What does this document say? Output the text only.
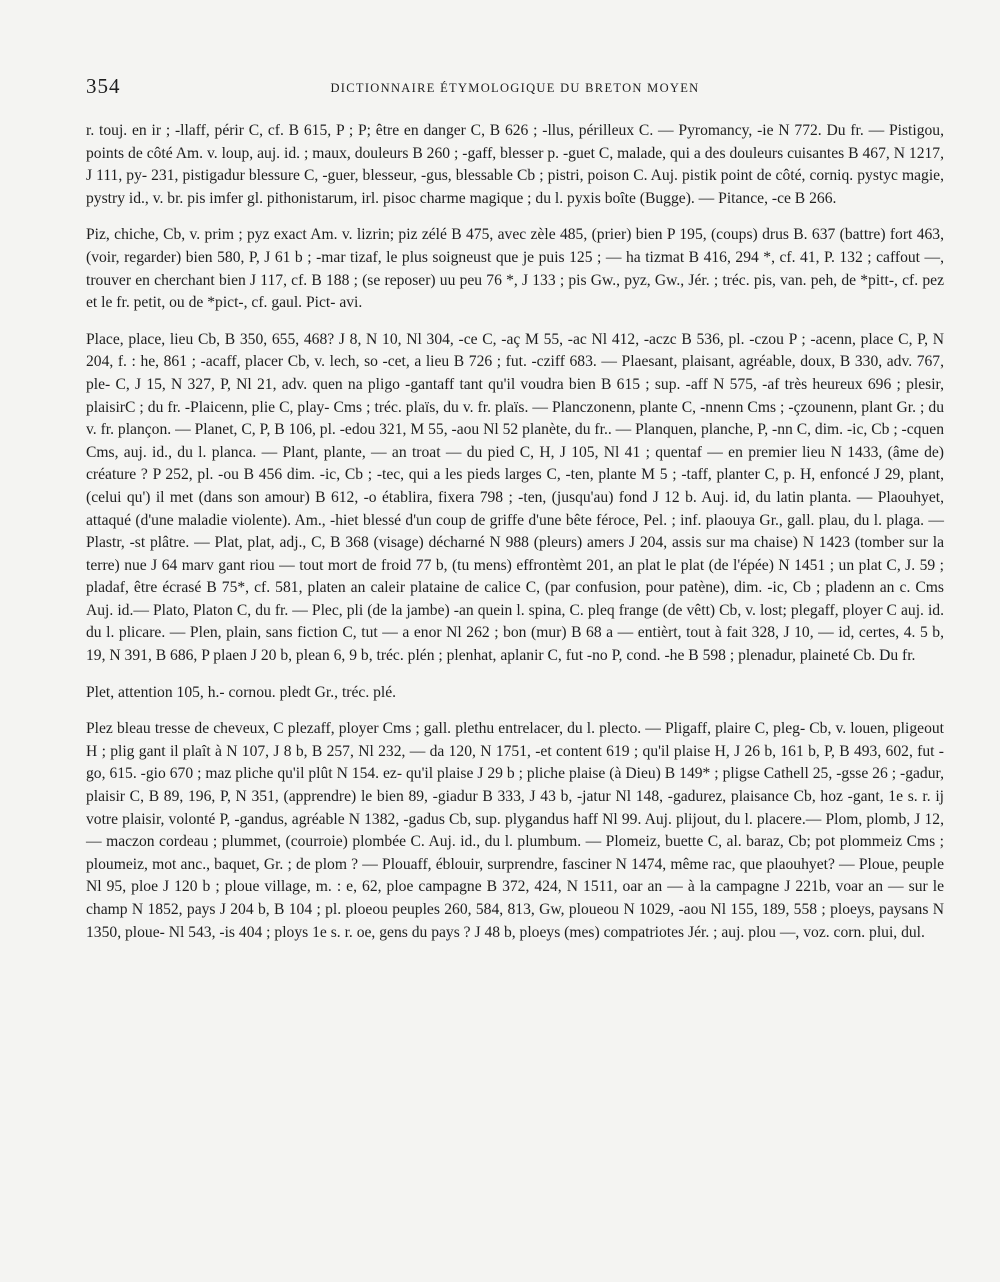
354	DICTIONNAIRE ÉTYMOLOGIQUE DU BRETON MOYEN

r. touj. en ir ; -llaff, périr C, cf. B 615, P ; P; être en danger C, B 626 ; -llus, périlleux C. — Pyromancy, -ie N 772. Du fr. — Pistigou, points de côté Am. v. loup, auj. id. ; maux, douleurs B 260 ; -gaff, blesser p. -guet C, malade, qui a des douleurs cuisantes B 467, N 1217, J 111, py- 231, pistigadur blessure C, -guer, blesseur, -gus, blessable Cb ; pistri, poison C. Auj. pistik point de côté, corniq. pystyc magie, pystry id., v. br. pis imfer gl. pithonistarum, irl. pisoc charme magique ; du l. pyxis boîte (Bugge). — Pitance, -ce B 266.

Piz, chiche, Cb, v. prim ; pyz exact Am. v. lizrin; piz zélé B 475, avec zèle 485, (prier) bien P 195, (coups) drus B. 637 (battre) fort 463, (voir, regarder) bien 580, P, J 61 b ; -mar tizaf, le plus soigneust que je puis 125 ; — ha tizmat B 416, 294 *, cf. 41, P. 132 ; caffout —, trouver en cherchant bien J 117, cf. B 188 ; (se reposer) uu peu 76 *, J 133 ; pis Gw., pyz, Gw., Jér. ; tréc. pis, van. peh, de *pitt-, cf. pez et le fr. petit, ou de *pict-, cf. gaul. Pict- avi.

Place, place, lieu Cb, B 350, 655, 468? J 8, N 10, Nl 304, -ce C, -aç M 55, -ac Nl 412, -aczc B 536, pl. -czou P ; -acenn, place C, P, N 204, f. : he, 861 ; -acaff, placer Cb, v. lech, so -cet, a lieu B 726 ; fut. -cziff 683. — Plaesant, plaisant, agréable, doux, B 330, adv. 767, ple- C, J 15, N 327, P, Nl 21, adv. quen na pligo -gantaff tant qu'il voudra bien B 615 ; sup. -aff N 575, -af très heureux 696 ; plesir, plaisirC ; du fr. -Plaicenn, plie C, play- Cms ; tréc. plaïs, du v. fr. plaïs. — Planczonenn, plante C, -nnenn Cms ; -çzounenn, plant Gr. ; du v. fr. plançon. — Planet, C, P, B 106, pl. -edou 321, M 55, -aou Nl 52 planète, du fr.. — Planquen, planche, P, -nn C, dim. -ic, Cb ; -cquen Cms, auj. id., du l. planca. — Plant, plante, — an troat — du pied C, H, J 105, Nl 41 ; quentaf — en premier lieu N 1433, (âme de) créature ? P 252, pl. -ou B 456 dim. -ic, Cb ; -tec, qui a les pieds larges C, -ten, plante M 5 ; -taff, planter C, p. H, enfoncé J 29, plant, (celui qu') il met (dans son amour) B 612, -o établira, fixera 798 ; -ten, (jusqu'au) fond J 12 b. Auj. id, du latin planta. — Plaouhyet, attaqué (d'une maladie violente). Am., -hiet blessé d'un coup de griffe d'une bête féroce, Pel. ; inf. plaouya Gr., gall. plau, du l. plaga. — Plastr, -st plâtre. — Plat, plat, adj., C, B 368 (visage) décharné N 988 (pleurs) amers J 204, assis sur ma chaise) N 1423 (tomber sur la terre) nue J 64 marv gant riou — tout mort de froid 77 b, (tu mens) effrontèmt 201, an plat le plat (de l'épée) N 1451 ; un plat C, J. 59 ; pladaf, être écrasé B 75*, cf. 581, platen an caleir plataine de calice C, (par confusion, pour patène), dim. -ic, Cb ; pladenn an c. Cms Auj. id.— Plato, Platon C, du fr. — Plec, pli (de la jambe) -an quein l. spina, C. pleq frange (de vêtt) Cb, v. lost; plegaff, ployer C auj. id. du l. plicare. — Plen, plain, sans fiction C, tut — a enor Nl 262 ; bon (mur) B 68 a — entièrt, tout à fait 328, J 10, — id, certes, 4. 5 b, 19, N 391, B 686, P plaen J 20 b, plean 6, 9 b, tréc. plén ; plenhat, aplanir C, fut -no P, cond. -he B 598 ; plenadur, plaineté Cb. Du fr.

Plet, attention 105, h.- cornou. pledt Gr., tréc. plé.

Plez bleau tresse de cheveux, C plezaff, ployer Cms ; gall. plethu entrelacer, du l. plecto. — Pligaff, plaire C, pleg- Cb, v. louen, pligeout H ; plig gant il plaît à N 107, J 8 b, B 257, Nl 232, — da 120, N 1751, -et content 619 ; qu'il plaise H, J 26 b, 161 b, P, B 493, 602, fut -go, 615. -gio 670 ; maz pliche qu'il plût N 154. ez- qu'il plaise J 29 b ; pliche plaise (à Dieu) B 149* ; pligse Cathell 25, -gsse 26 ; -gadur, plaisir C, B 89, 196, P, N 351, (apprendre) le bien 89, -giadur B 333, J 43 b, -jatur Nl 148, -gadurez, plaisance Cb, hoz -gant, 1e s. r. ij votre plaisir, volonté P, -gandus, agréable N 1382, -gadus Cb, sup. plygandus haff Nl 99. Auj. plijout, du l. placere.— Plom, plomb, J 12, — maczon cordeau ; plummet, (courroie) plombée C. Auj. id., du l. plumbum. — Plomeiz, buette C, al. baraz, Cb; pot plommeiz Cms ; ploumeiz, mot anc., baquet, Gr. ; de plom ? — Plouaff, éblouir, surprendre, fasciner N 1474, même rac, que plaouhyet? — Ploue, peuple Nl 95, ploe J 120 b ; ploue village, m. : e, 62, ploe campagne B 372, 424, N 1511, oar an — à la campagne J 221b, voar an — sur le champ N 1852, pays J 204 b, B 104 ; pl. ploeou peuples 260, 584, 813, Gw, ploueou N 1029, -aou Nl 155, 189, 558 ; ploeys, paysans N 1350, ploue- Nl 543, -is 404 ; ploys 1e s. r. oe, gens du pays ? J 48 b, ploeys (mes) compatriotes Jér. ; auj. plou —, voz. corn. plui, dul.
